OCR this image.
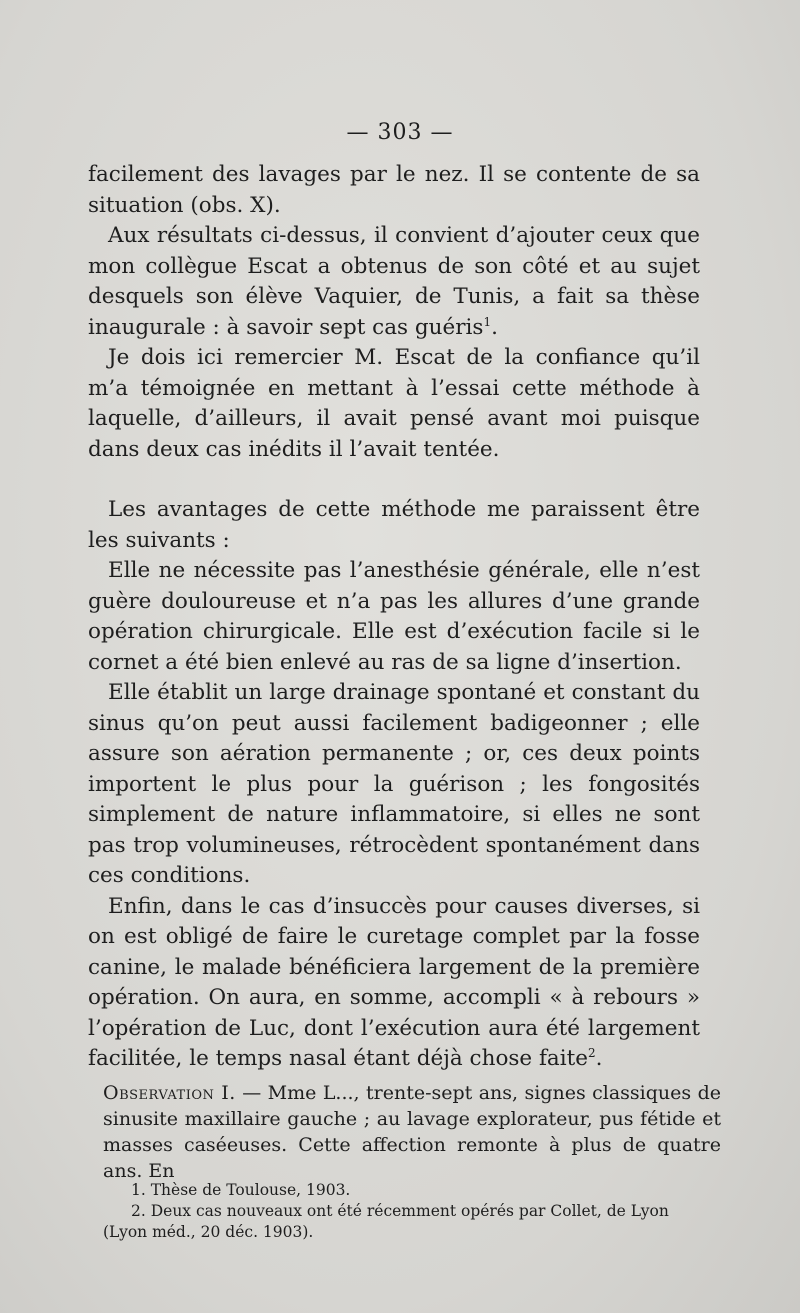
— 303 —

facilement des lavages par le nez. Il se contente de sa situation (obs. X).

Aux résultats ci-dessus, il convient d’ajouter ceux que mon collègue Escat a obtenus de son côté et au sujet desquels son élève Vaquier, de Tunis, a fait sa thèse inaugurale : à savoir sept cas guéris$^1$.

Je dois ici remercier M. Escat de la confiance qu’il m’a témoignée en mettant à l’essai cette méthode à laquelle, d’ailleurs, il avait pensé avant moi puisque dans deux cas inédits il l’avait tentée.

Les avantages de cette méthode me paraissent être les suivants :

Elle ne nécessite pas l’anesthésie générale, elle n’est guère douloureuse et n’a pas les allures d’une grande opération chirurgicale. Elle est d’exécution facile si le cornet a été bien enlevé au ras de sa ligne d’insertion.

Elle établit un large drainage spontané et constant du sinus qu’on peut aussi facilement badigeonner ; elle assure son aération permanente ; or, ces deux points importent le plus pour la guérison ; les fongosités simplement de nature inflammatoire, si elles ne sont pas trop volumineuses, rétrocèdent spontanément dans ces conditions.

Enfin, dans le cas d’insuccès pour causes diverses, si on est obligé de faire le curetage complet par la fosse canine, le malade bénéficiera largement de la première opération. On aura, en somme, accompli « à rebours » l’opération de Luc, dont l’exécution aura été largement facilitée, le temps nasal étant déjà chose faite$^2$.

Observation I. — Mme L..., trente-sept ans, signes classiques de sinusite maxillaire gauche ; au lavage explorateur, pus fétide et masses caséeuses. Cette affection remonte à plus de quatre ans. En

1. Thèse de Toulouse, 1903.

2. Deux cas nouveaux ont été récemment opérés par Collet, de Lyon

(Lyon méd., 20 déc. 1903).
